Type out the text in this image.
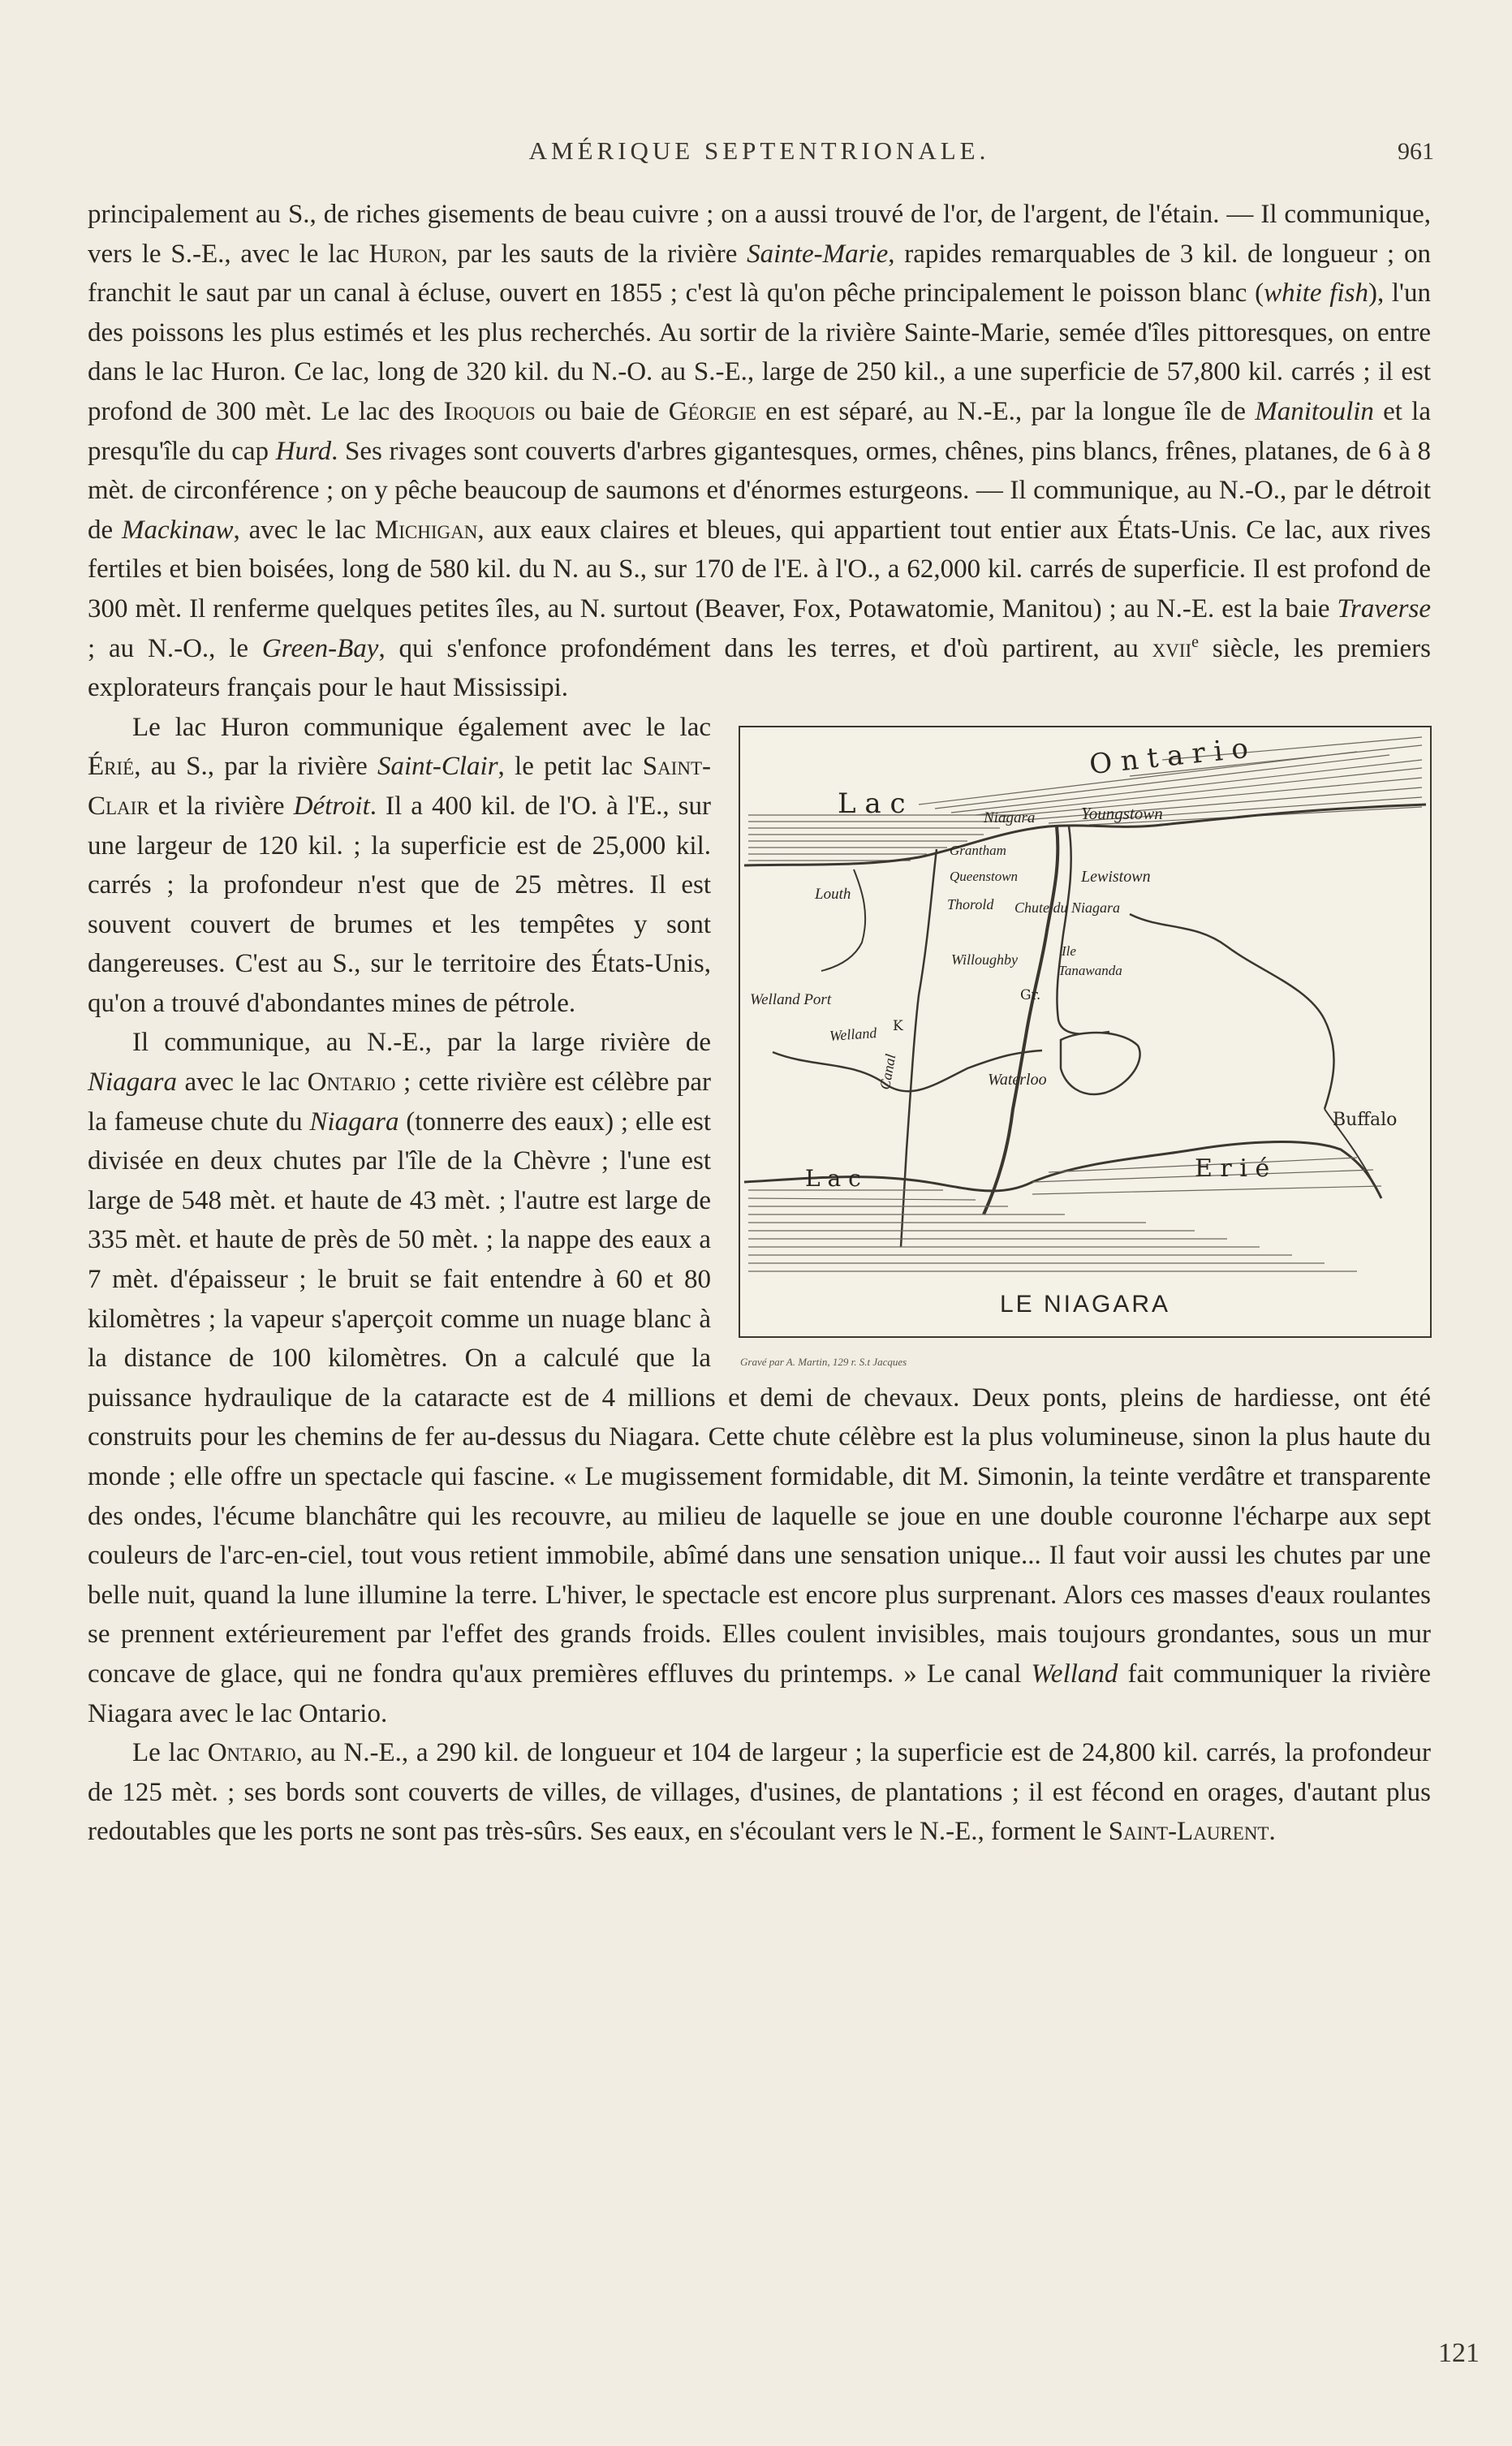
AMÉRIQUE SEPTENTRIONALE.	961

principalement au S., de riches gisements de beau cuivre ; on a aussi trouvé de l'or, de l'argent, de l'étain. — Il communique, vers le S.-E., avec le lac Huron, par les sauts de la rivière Sainte-Marie, rapides remarquables de 3 kil. de longueur ; on franchit le saut par un canal à écluse, ouvert en 1855 ; c'est là qu'on pêche principalement le poisson blanc (white fish), l'un des poissons les plus estimés et les plus recherchés. Au sortir de la rivière Sainte-Marie, semée d'îles pittoresques, on entre dans le lac Huron. Ce lac, long de 320 kil. du N.-O. au S.-E., large de 250 kil., a une superficie de 57,800 kil. carrés ; il est profond de 300 mèt. Le lac des Iroquois ou baie de Géorgie en est séparé, au N.-E., par la longue île de Manitoulin et la presqu'île du cap Hurd. Ses rivages sont couverts d'arbres gigantesques, ormes, chênes, pins blancs, frênes, platanes, de 6 à 8 mèt. de circonférence ; on y pêche beaucoup de saumons et d'énormes esturgeons. — Il communique, au N.-O., par le détroit de Mackinaw, avec le lac Michigan, aux eaux claires et bleues, qui appartient tout entier aux États-Unis. Ce lac, aux rives fertiles et bien boisées, long de 580 kil. du N. au S., sur 170 de l'E. à l'O., a 62,000 kil. carrés de superficie. Il est profond de 300 mèt. Il renferme quelques petites îles, au N. surtout (Beaver, Fox, Potawatomie, Manitou) ; au N.-E. est la baie Traverse ; au N.-O., le Green-Bay, qui s'enfonce profondément dans les terres, et d'où partirent, au xvii$^e$ siècle, les premiers explorateurs français pour le haut Mississipi.

L a c
O n t a r i o
Niagara	Youngstown
Grantham
Queenstown	Lewistown
Louth
Thorold Chute du Niagara
Willoughby
Ile
Tanawanda
Gr.
Welland Port
Welland K
Canal	Waterloo
L a c	E r i é
Buffalo
LE NIAGARA
Gravé par A. Martin, 129 r. S.t Jacques

Le lac Huron communique également avec le lac Érié, au S., par la rivière Saint-Clair, le petit lac Saint-Clair et la rivière Détroit. Il a 400 kil. de l'O. à l'E., sur une largeur de 120 kil. ; la superficie est de 25,000 kil. carrés ; la profondeur n'est que de 25 mètres. Il est souvent couvert de brumes et les tempêtes y sont dangereuses. C'est au S., sur le territoire des États-Unis, qu'on a trouvé d'abondantes mines de pétrole.

Il communique, au N.-E., par la large rivière de Niagara avec le lac Ontario ; cette rivière est célèbre par la fameuse chute du Niagara (tonnerre des eaux) ; elle est divisée en deux chutes par l'île de la Chèvre ; l'une est large de 548 mèt. et haute de 43 mèt. ; l'autre est large de 335 mèt. et haute de près de 50 mèt. ; la nappe des eaux a 7 mèt. d'épaisseur ; le bruit se fait entendre à 60 et 80 kilomètres ; la vapeur s'aperçoit comme un nuage blanc à la distance de 100 kilomètres. On a calculé que la puissance hydraulique de la cataracte est de 4 millions et demi de chevaux. Deux ponts, pleins de hardiesse, ont été construits pour les chemins de fer au-dessus du Niagara. Cette chute célèbre est la plus volumineuse, sinon la plus haute du monde ; elle offre un spectacle qui fascine. « Le mugissement formidable, dit M. Simonin, la teinte verdâtre et transparente des ondes, l'écume blanchâtre qui les recouvre, au milieu de laquelle se joue en une double couronne l'écharpe aux sept couleurs de l'arc-en-ciel, tout vous retient immobile, abîmé dans une sensation unique... Il faut voir aussi les chutes par une belle nuit, quand la lune illumine la terre. L'hiver, le spectacle est encore plus surprenant. Alors ces masses d'eaux roulantes se prennent extérieurement par l'effet des grands froids. Elles coulent invisibles, mais toujours grondantes, sous un mur concave de glace, qui ne fondra qu'aux premières effluves du printemps. » Le canal Welland fait communiquer la rivière Niagara avec le lac Ontario.

Le lac Ontario, au N.-E., a 290 kil. de longueur et 104 de largeur ; la superficie est de 24,800 kil. carrés, la profondeur de 125 mèt. ; ses bords sont couverts de villes, de villages, d'usines, de plantations ; il est fécond en orages, d'autant plus redoutables que les ports ne sont pas très-sûrs. Ses eaux, en s'écoulant vers le N.-E., forment le Saint-Laurent.

121
